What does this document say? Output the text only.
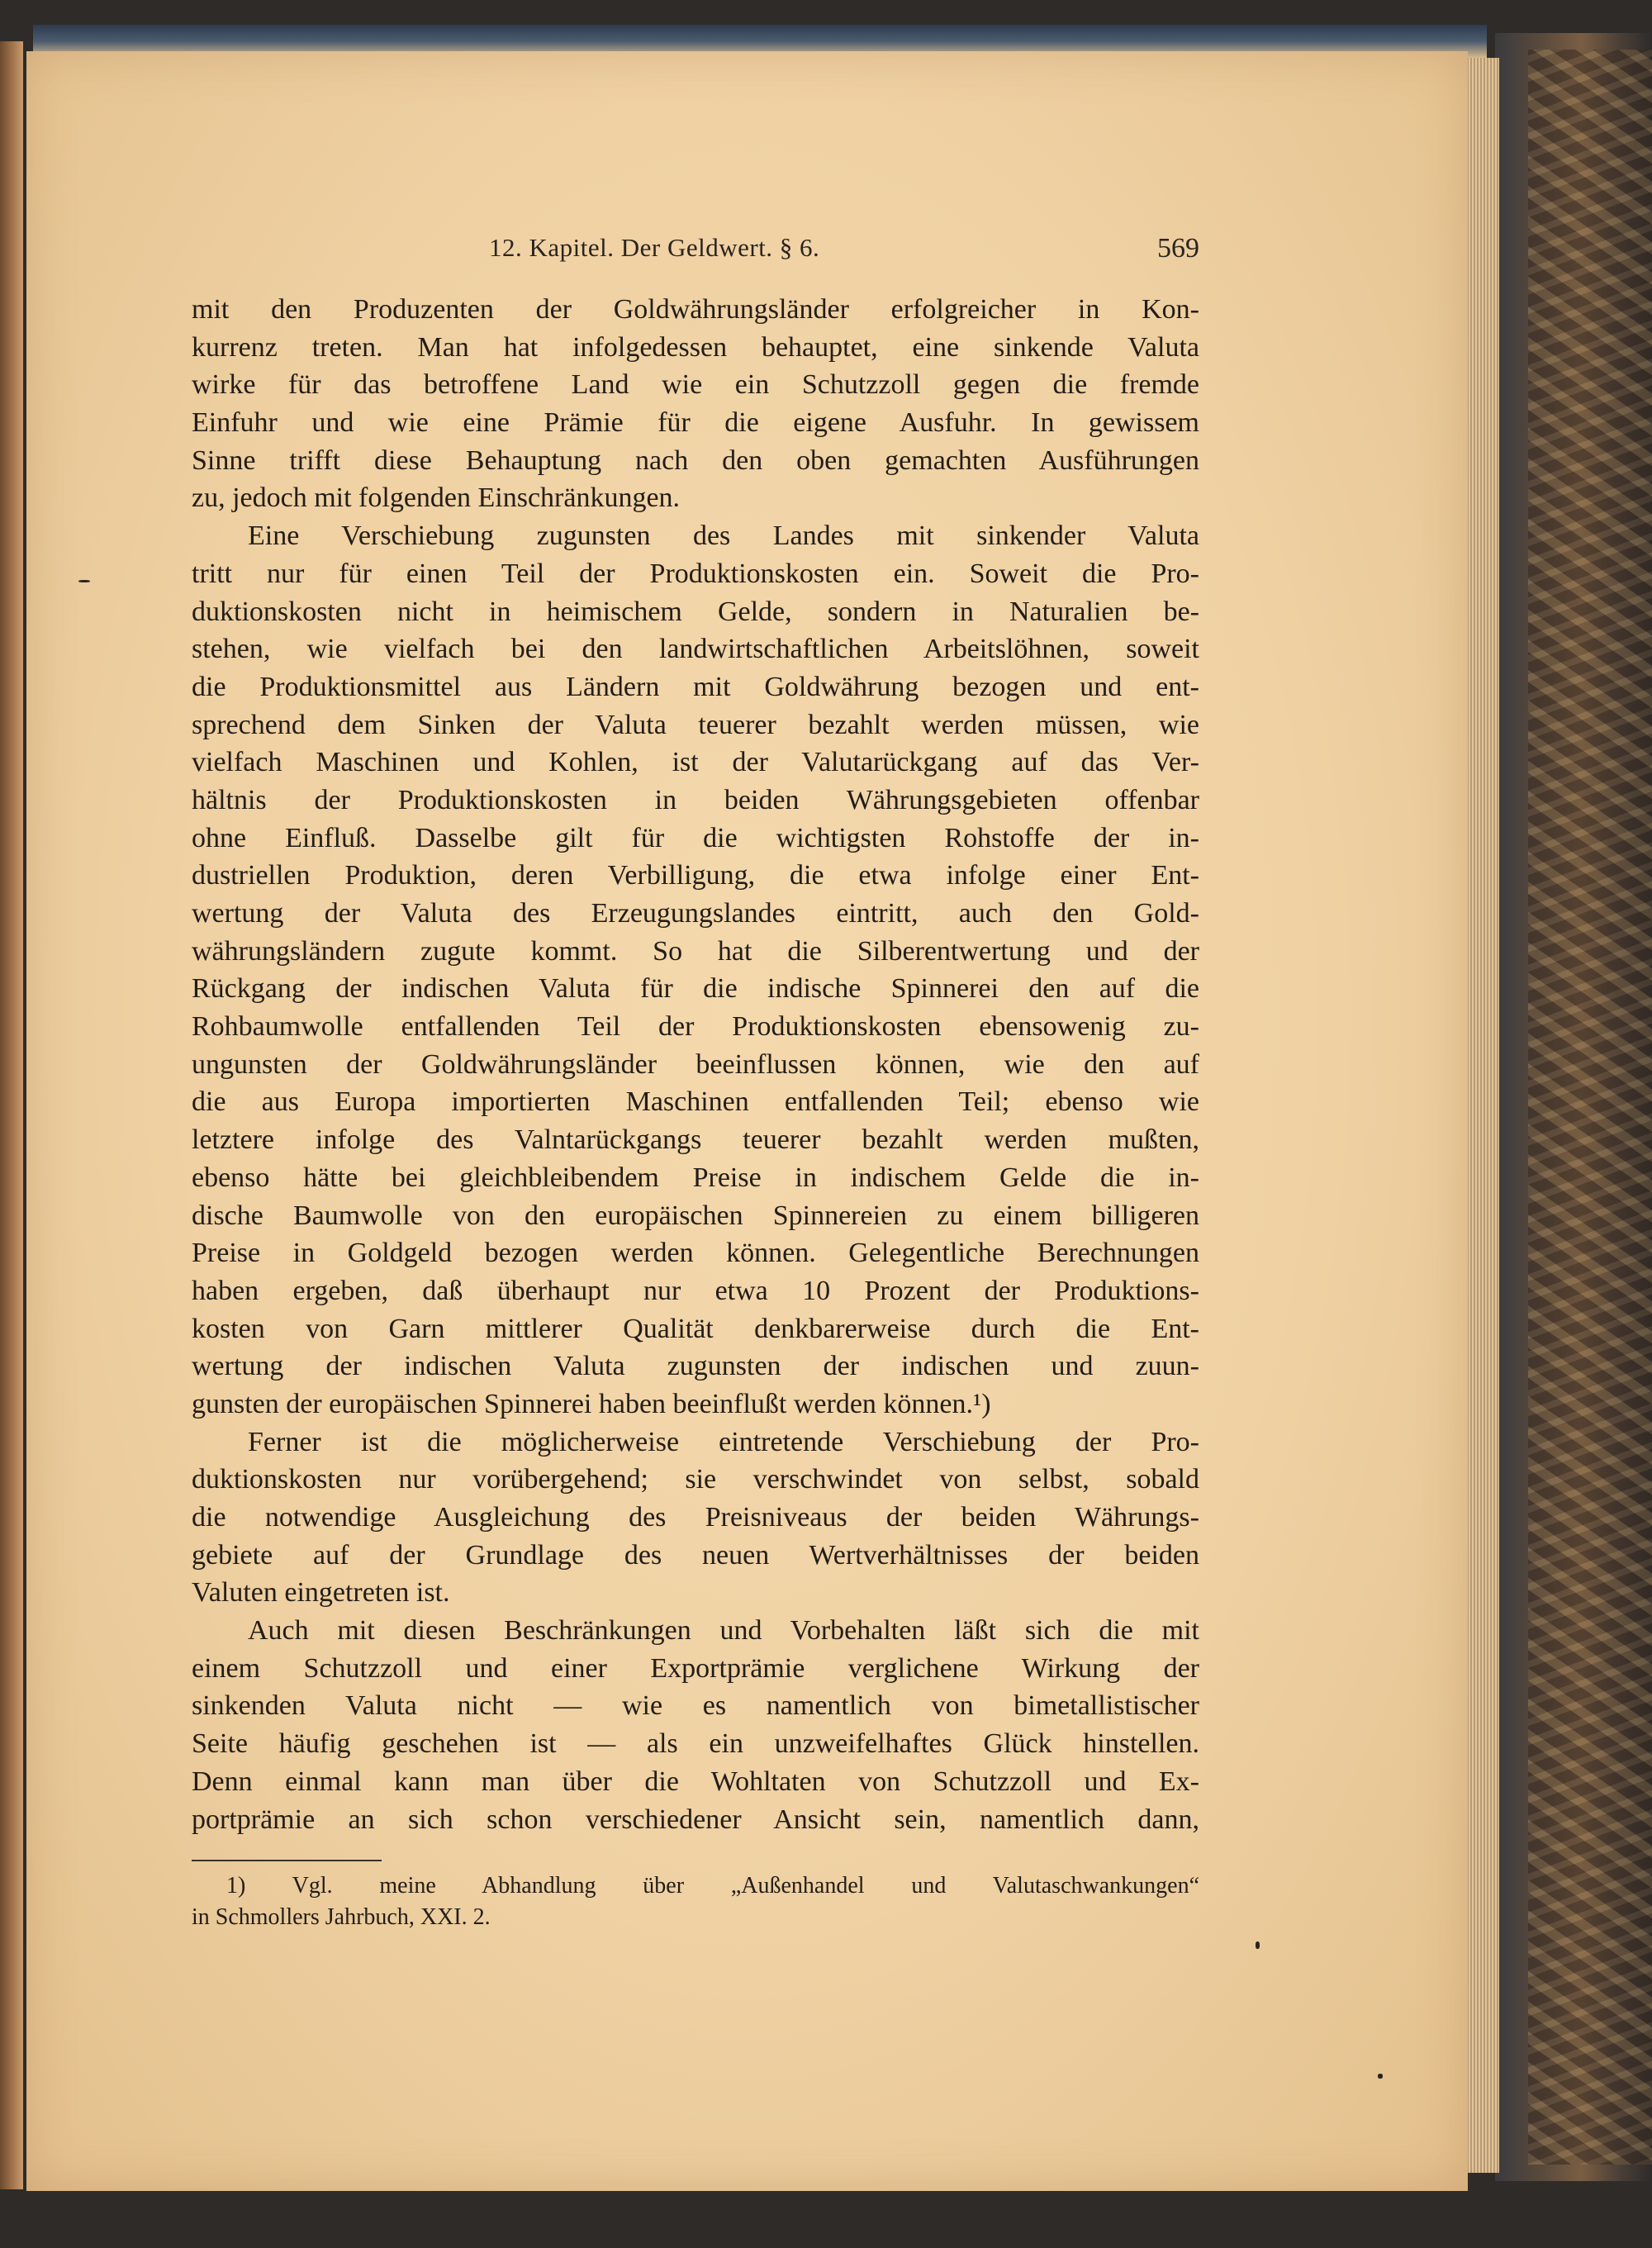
12. Kapitel. Der Geldwert. § 6.	569
mit den Produzenten der Goldwährungsländer erfolgreicher in Kon-
kurrenz treten. Man hat infolgedessen behauptet, eine sinkende Valuta
wirke für das betroffene Land wie ein Schutzzoll gegen die fremde
Einfuhr und wie eine Prämie für die eigene Ausfuhr. In gewissem
Sinne trifft diese Behauptung nach den oben gemachten Ausführungen
zu, jedoch mit folgenden Einschränkungen.
Eine Verschiebung zugunsten des Landes mit sinkender Valuta
tritt nur für einen Teil der Produktionskosten ein. Soweit die Pro-
duktionskosten nicht in heimischem Gelde, sondern in Naturalien be-
stehen, wie vielfach bei den landwirtschaftlichen Arbeitslöhnen, soweit
die Produktionsmittel aus Ländern mit Goldwährung bezogen und ent-
sprechend dem Sinken der Valuta teuerer bezahlt werden müssen, wie
vielfach Maschinen und Kohlen, ist der Valutarückgang auf das Ver-
hältnis der Produktionskosten in beiden Währungsgebieten offenbar
ohne Einfluß. Dasselbe gilt für die wichtigsten Rohstoffe der in-
dustriellen Produktion, deren Verbilligung, die etwa infolge einer Ent-
wertung der Valuta des Erzeugungslandes eintritt, auch den Gold-
währungsländern zugute kommt. So hat die Silberentwertung und der
Rückgang der indischen Valuta für die indische Spinnerei den auf die
Rohbaumwolle entfallenden Teil der Produktionskosten ebensowenig zu-
ungunsten der Goldwährungsländer beeinflussen können, wie den auf
die aus Europa importierten Maschinen entfallenden Teil; ebenso wie
letztere infolge des Valntarückgangs teuerer bezahlt werden mußten,
ebenso hätte bei gleichbleibendem Preise in indischem Gelde die in-
dische Baumwolle von den europäischen Spinnereien zu einem billigeren
Preise in Goldgeld bezogen werden können. Gelegentliche Berechnungen
haben ergeben, daß überhaupt nur etwa 10 Prozent der Produktions-
kosten von Garn mittlerer Qualität denkbarerweise durch die Ent-
wertung der indischen Valuta zugunsten der indischen und zuun-
gunsten der europäischen Spinnerei haben beeinflußt werden können.¹)
Ferner ist die möglicherweise eintretende Verschiebung der Pro-
duktionskosten nur vorübergehend; sie verschwindet von selbst, sobald
die notwendige Ausgleichung des Preisniveaus der beiden Währungs-
gebiete auf der Grundlage des neuen Wertverhältnisses der beiden
Valuten eingetreten ist.
Auch mit diesen Beschränkungen und Vorbehalten läßt sich die mit
einem Schutzzoll und einer Exportprämie verglichene Wirkung der
sinkenden Valuta nicht — wie es namentlich von bimetallistischer
Seite häufig geschehen ist — als ein unzweifelhaftes Glück hinstellen.
Denn einmal kann man über die Wohltaten von Schutzzoll und Ex-
portprämie an sich schon verschiedener Ansicht sein, namentlich dann,
1) Vgl. meine Abhandlung über „Außenhandel und Valutaschwankungen“
in Schmollers Jahrbuch, XXI. 2.
